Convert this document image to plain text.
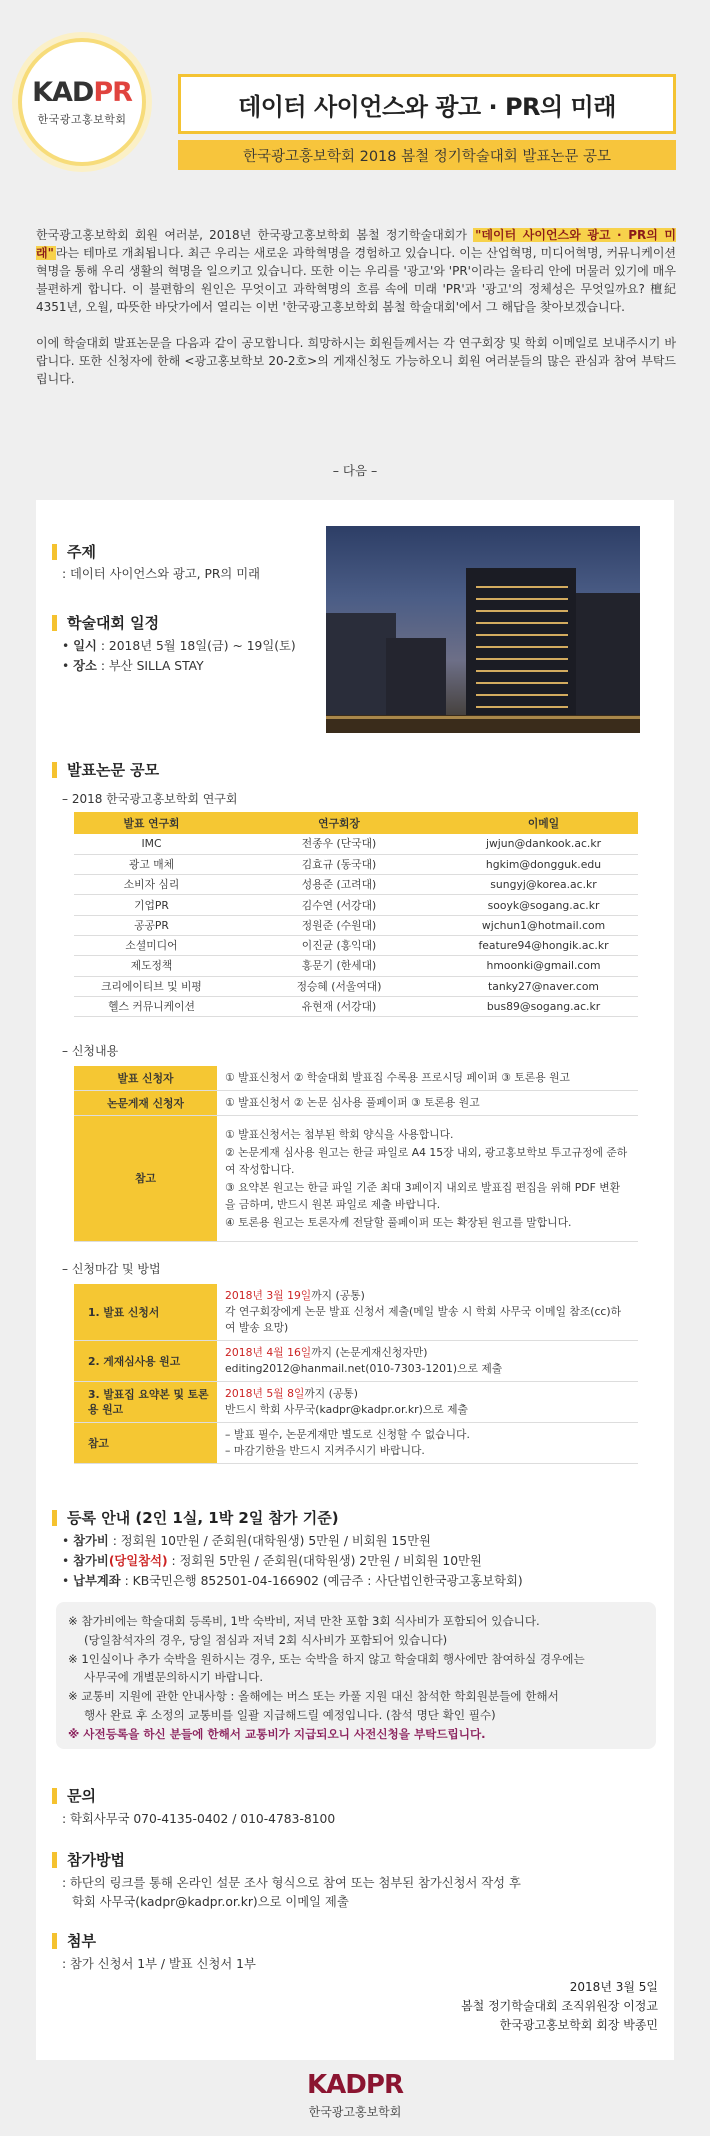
KADPR
한국광고홍보학회	데이터 사이언스와 광고 · PR의 미래
한국광고홍보학회 2018 봄철 정기학술대회 발표논문 공모

한국광고홍보학회 회원 여러분, 2018년 한국광고홍보학회 봄철 정기학술대회가 "데이터 사이언스와 광고 · PR의 미래" 라는 테마로 개최됩니다. 최근 우리는 새로운 과학혁명을 경험하고 있습니다. 이는 산업혁명, 미디어혁명, 커뮤니케이션 혁명을 통해 우리 생활의 혁명을 일으키고 있습니다. 또한 이는 우리를 '광고'와 'PR'이라는 울타리 안에 머물러 있기에 매우 불편하게 합니다. 이 불편함의 원인은 무엇이고 과학혁명의 흐름 속에 미래 'PR'과 '광고'의 정체성은 무엇일까요? 檀紀 4351년, 오월, 따뜻한 바닷가에서 열리는 이번 '한국광고홍보학회 봄철 학술대회'에서 그 해답을 찾아보겠습니다.

이에 학술대회 발표논문을 다음과 같이 공모합니다. 희망하시는 회원들께서는 각 연구회장 및 학회 이메일로 보내주시기 바랍니다. 또한 신청자에 한해 <광고홍보학보 20-2호>의 게재신청도 가능하오니 회원 여러분들의 많은 관심과 참여 부탁드립니다.

– 다음 –
주제
: 데이터 사이언스와 광고, PR의 미래
학술대회 일정
• 일시 : 2018년 5월 18일(금) ~ 19일(토)
• 장소 : 부산 SILLA STAY
발표논문 공모
– 2018 한국광고홍보학회 연구회
발표 연구회	연구회장	이메일
IMC	전종우 (단국대)	jwjun@dankook.ac.kr
광고 매체	김효규 (동국대)	hgkim@dongguk.edu
소비자 심리	성용준 (고려대)	sungyj@korea.ac.kr
기업PR	김수연 (서강대)	sooyk@sogang.ac.kr
공공PR	정원준 (수원대)	wjchun1@hotmail.com
소셜미디어	이진균 (홍익대)	feature94@hongik.ac.kr
제도정책	홍문기 (한세대)	hmoonki@gmail.com
크리에이티브 및 비평	정승혜 (서울여대)	tanky27@naver.com
헬스 커뮤니케이션	유현재 (서강대)	bus89@sogang.ac.kr
– 신청내용
발표 신청자	① 발표신청서 ② 학술대회 발표집 수록용 프로시딩 페이퍼 ③ 토론용 원고
논문게재 신청자	① 발표신청서 ② 논문 심사용 풀페이퍼 ③ 토론용 원고
참고	① 발표신청서는 첨부된 학회 양식을 사용합니다.
② 논문게재 심사용 원고는 한글 파일로 A4 15장 내외, 광고홍보학보 투고규정에 준하여 작성합니다.
③ 요약본 원고는 한글 파일 기준 최대 3페이지 내외로 발표집 편집을 위해 PDF 변환을 금하며, 반드시 원본 파일로 제출 바랍니다.
④ 토론용 원고는 토론자께 전달할 풀페이퍼 또는 확장된 원고를 말합니다.
– 신청마감 및 방법
1. 발표 신청서	2018년 3월 19일까지 (공통)
각 연구회장에게 논문 발표 신청서 제출(메일 발송 시 학회 사무국 이메일 참조(cc)하여 발송 요망)

2. 게재심사용 원고	2018년 4월 16일까지 (논문게재신청자만)
editing2012@hanmail.net(010-7303-1201)으로 제출

3. 발표집 요약본 및 토론용 원고	2018년 5월 8일까지 (공통)
반드시 학회 사무국(kadpr@kadpr.or.kr)으로 제출

참고	– 발표 필수, 논문게재만 별도로 신청할 수 없습니다.
– 마감기한을 반드시 지켜주시기 바랍니다.
등록 안내 (2인 1실, 1박 2일 참가 기준)
• 참가비 : 정회원 10만원 / 준회원(대학원생) 5만원 / 비회원 15만원
• 참가비(당일참석) : 정회원 5만원 / 준회원(대학원생) 2만원 / 비회원 10만원
• 납부계좌 : KB국민은행 852501-04-166902 (예금주 : 사단법인한국광고홍보학회)
※ 참가비에는 학술대회 등록비, 1박 숙박비, 저녁 만찬 포함 3회 식사비가 포함되어 있습니다.
(당일참석자의 경우, 당일 점심과 저녁 2회 식사비가 포함되어 있습니다)
※ 1인실이나 추가 숙박을 원하시는 경우, 또는 숙박을 하지 않고 학술대회 행사에만 참여하실 경우에는
사무국에 개별문의하시기 바랍니다.
※ 교통비 지원에 관한 안내사항 : 올해에는 버스 또는 카풀 지원 대신 참석한 학회원분들에 한해서
행사 완료 후 소정의 교통비를 일괄 지급해드릴 예정입니다. (참석 명단 확인 필수)
※ 사전등록을 하신 분들에 한해서 교통비가 지급되오니 사전신청을 부탁드립니다.
문의
: 학회사무국 070-4135-0402 / 010-4783-8100
참가방법
: 하단의 링크를 통해 온라인 설문 조사 형식으로 참여 또는 첨부된 참가신청서 작성 후
학회 사무국(kadpr@kadpr.or.kr)으로 이메일 제출
첨부
: 참가 신청서 1부 / 발표 신청서 1부
2018년 3월 5일
봄철 정기학술대회 조직위원장 이정교
한국광고홍보학회 회장 박종민
KADPR
한국광고홍보학회
